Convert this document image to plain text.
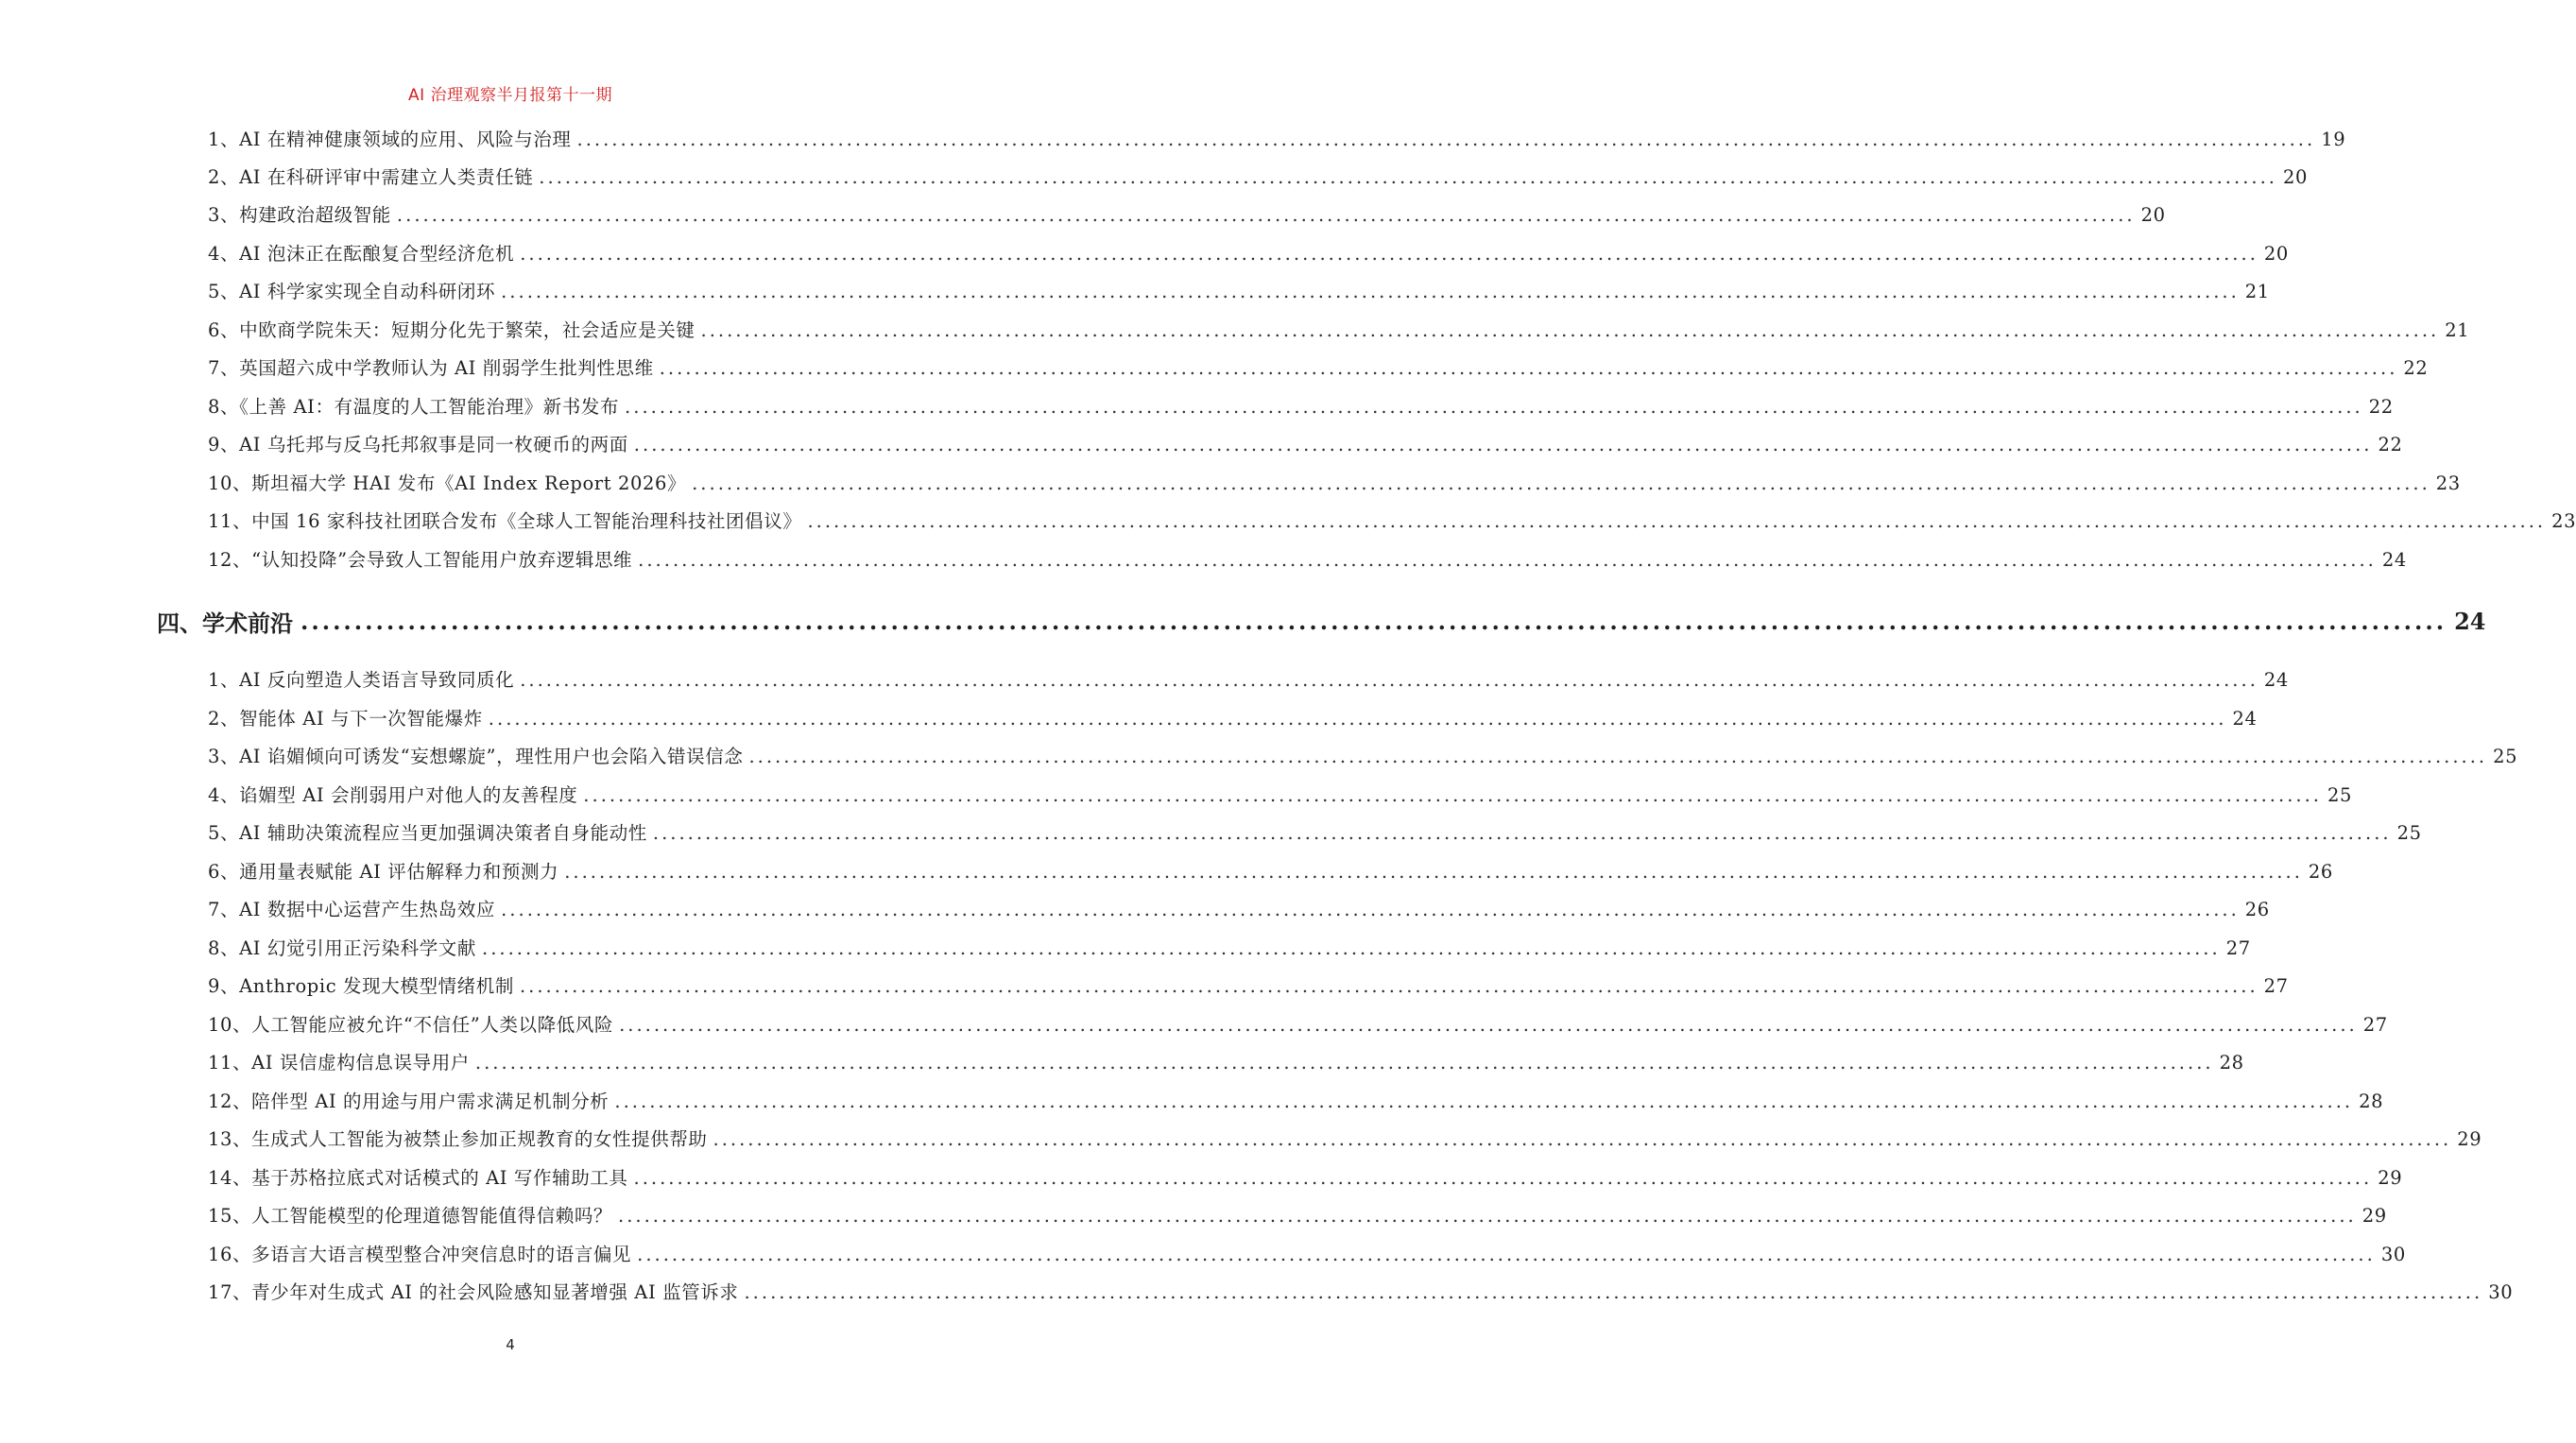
AI 治理观察半月报第十一期
1、AI 在精神健康领域的应用、风险与治理 ........................................................................................................................................................................................................ 19
2、AI 在科研评审中需建立人类责任链 ........................................................................................................................................................................................................ 20
3、构建政治超级智能 ........................................................................................................................................................................................................ 20
4、AI 泡沫正在酝酿复合型经济危机 ........................................................................................................................................................................................................ 20
5、AI 科学家实现全自动科研闭环 ........................................................................................................................................................................................................ 21
6、中欧商学院朱天：短期分化先于繁荣，社会适应是关键 ........................................................................................................................................................................................................ 21
7、英国超六成中学教师认为 AI 削弱学生批判性思维 ........................................................................................................................................................................................................ 22
8、《上善 AI：有温度的人工智能治理》新书发布 ........................................................................................................................................................................................................ 22
9、AI 乌托邦与反乌托邦叙事是同一枚硬币的两面 ........................................................................................................................................................................................................ 22
10、斯坦福大学 HAI 发布《AI Index Report 2026》 ........................................................................................................................................................................................................ 23
11、中国 16 家科技社团联合发布《全球人工智能治理科技社团倡议》 ........................................................................................................................................................................................................ 23
12、“认知投降”会导致人工智能用户放弃逻辑思维 ........................................................................................................................................................................................................ 24
四、学术前沿 ........................................................................................................................................................................................................ 24
1、AI 反向塑造人类语言导致同质化 ........................................................................................................................................................................................................ 24
2、智能体 AI 与下一次智能爆炸 ........................................................................................................................................................................................................ 24
3、AI 谄媚倾向可诱发“妄想螺旋”，理性用户也会陷入错误信念 ........................................................................................................................................................................................................ 25
4、谄媚型 AI 会削弱用户对他人的友善程度 ........................................................................................................................................................................................................ 25
5、AI 辅助决策流程应当更加强调决策者自身能动性 ........................................................................................................................................................................................................ 25
6、通用量表赋能 AI 评估解释力和预测力 ........................................................................................................................................................................................................ 26
7、AI 数据中心运营产生热岛效应 ........................................................................................................................................................................................................ 26
8、AI 幻觉引用正污染科学文献 ........................................................................................................................................................................................................ 27
9、Anthropic 发现大模型情绪机制 ........................................................................................................................................................................................................ 27
10、人工智能应被允许“不信任”人类以降低风险 ........................................................................................................................................................................................................ 27
11、AI 误信虚构信息误导用户 ........................................................................................................................................................................................................ 28
12、陪伴型 AI 的用途与用户需求满足机制分析 ........................................................................................................................................................................................................ 28
13、生成式人工智能为被禁止参加正规教育的女性提供帮助 ........................................................................................................................................................................................................ 29
14、基于苏格拉底式对话模式的 AI 写作辅助工具 ........................................................................................................................................................................................................ 29
15、人工智能模型的伦理道德智能值得信赖吗？ ........................................................................................................................................................................................................ 29
16、多语言大语言模型整合冲突信息时的语言偏见 ........................................................................................................................................................................................................ 30
17、青少年对生成式 AI 的社会风险感知显著增强 AI 监管诉求 ........................................................................................................................................................................................................ 30
4
